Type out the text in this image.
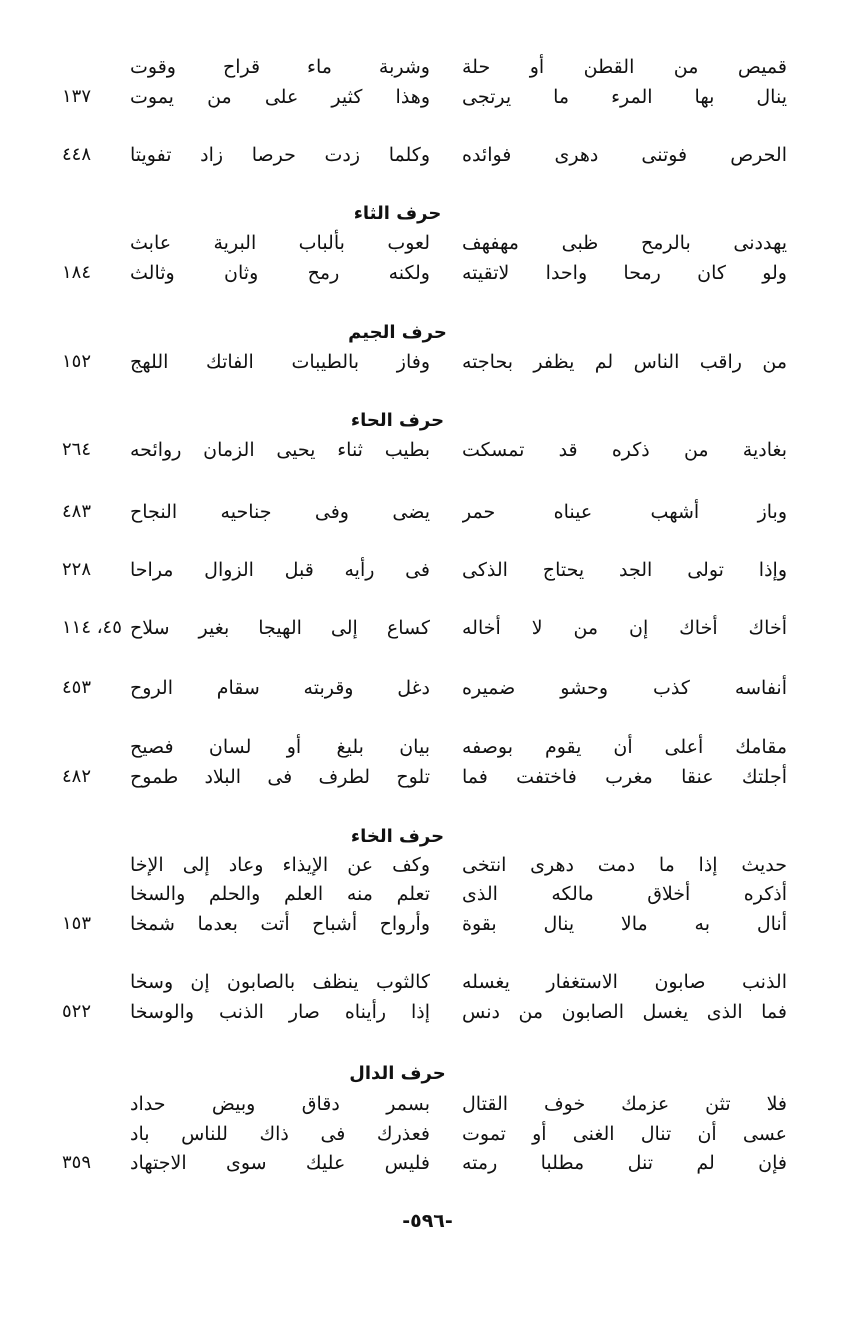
قميص من القطن أو حلة
وشربة ماء قراح وقوت
ينال بها المرء ما يرتجى
وهذا كثير على من يموت
١٣٧
الحرص فوتنى دهرى فوائده
وكلما زدت حرصا زاد تفويتا
٤٤٨
حرف الثاء
يهددنى بالرمح ظبى مهفهف
لعوب بألباب البرية عابث
ولو كان رمحا واحدا لاتقيته
ولكنه رمح وثان وثالث
١٨٤
حرف الجيم
من راقب الناس لم يظفر بحاجته
وفاز بالطيبات الفاتك اللهج
١٥٢
حرف الحاء
بغادية من ذكره قد تمسكت
بطيب ثناء يحيى الزمان روائحه
٢٦٤
وباز أشهب عيناه حمر
يضى وفى جناحيه النجاح
٤٨٣
وإذا تولى الجد يحتاج الذكى
فى رأيه قبل الزوال مراحا
٢٢٨
أخاك أخاك إن من لا أخاله
كساع إلى الهيجا بغير سلاح
٤٥، ١١٤
أنفاسه كذب وحشو ضميره
دغل وقربته سقام الروح
٤٥٣
مقامك أعلى أن يقوم بوصفه
بيان بليغ أو لسان فصيح
أجلتك عنقا مغرب فاختفت فما
تلوح لطرف فى البلاد طموح
٤٨٢
حرف الخاء
حديث إذا ما دمت دهرى انتخى
وكف عن الإيذاء وعاد إلى الإخا
أذكره أخلاق مالكه الذى
تعلم منه العلم والحلم والسخا
أنال به مالا ينال بقوة
وأرواح أشباح أتت بعدما شمخا
١٥٣
الذنب صابون الاستغفار يغسله
كالثوب ينظف بالصابون إن وسخا
فما الذى يغسل الصابون من دنس
إذا رأيناه صار الذنب والوسخا
٥٢٢
حرف الدال
فلا تثن عزمك خوف القتال
بسمر دقاق وبيض حداد
عسى أن تنال الغنى أو تموت
فعذرك فى ذاك للناس باد
فإن لم تنل مطلبا رمته
فليس عليك سوى الاجتهاد
٣٥٩
-٥٩٦-
